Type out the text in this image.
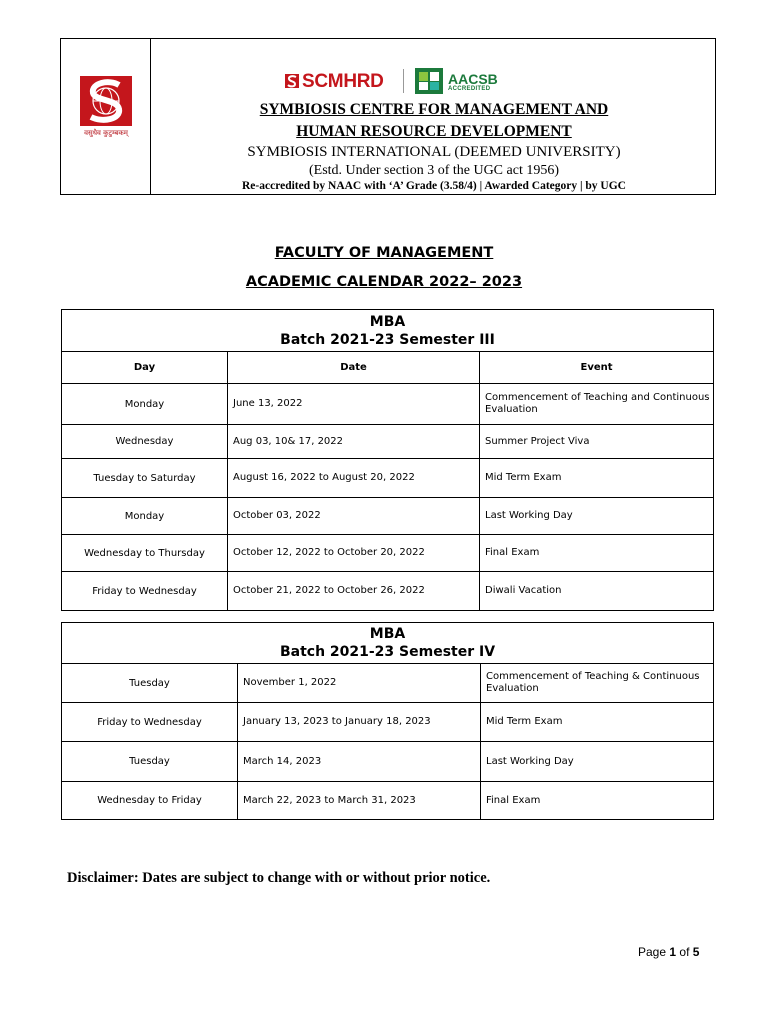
वसुधैव कुटुम्बकम्
SCMHRD	AACSB
ACCREDITED
SYMBIOSIS CENTRE FOR MANAGEMENT AND
HUMAN RESOURCE DEVELOPMENT
SYMBIOSIS INTERNATIONAL (DEEMED UNIVERSITY)
(Estd. Under section 3 of the UGC act 1956)
Re-accredited by NAAC with ‘A’ Grade (3.58/4) | Awarded Category | by UGC
FACULTY OF MANAGEMENT
ACADEMIC CALENDAR 2022– 2023
MBA
Batch 2021-23 Semester III		

Day	Date	Event
Monday	June 13, 2022	Commencement of Teaching and Continuous Evaluation
Wednesday	Aug 03, 10& 17, 2022	Summer Project Viva
Tuesday to Saturday	August 16, 2022 to August 20, 2022	Mid Term Exam
Monday	October 03, 2022	Last Working Day
Wednesday to Thursday	October 12, 2022 to October 20, 2022	Final Exam
Friday to Wednesday	October 21, 2022 to October 26, 2022	Diwali Vacation
MBA
Batch 2021-23 Semester IV		

Tuesday	November 1, 2022	Commencement of Teaching & Continuous Evaluation
Friday to Wednesday	January 13, 2023 to January 18, 2023	Mid Term Exam
Tuesday	March 14, 2023	Last Working Day
Wednesday to Friday	March 22, 2023 to March 31, 2023	Final Exam
Disclaimer: Dates are subject to change with or without prior notice.
Page 1 of 5
